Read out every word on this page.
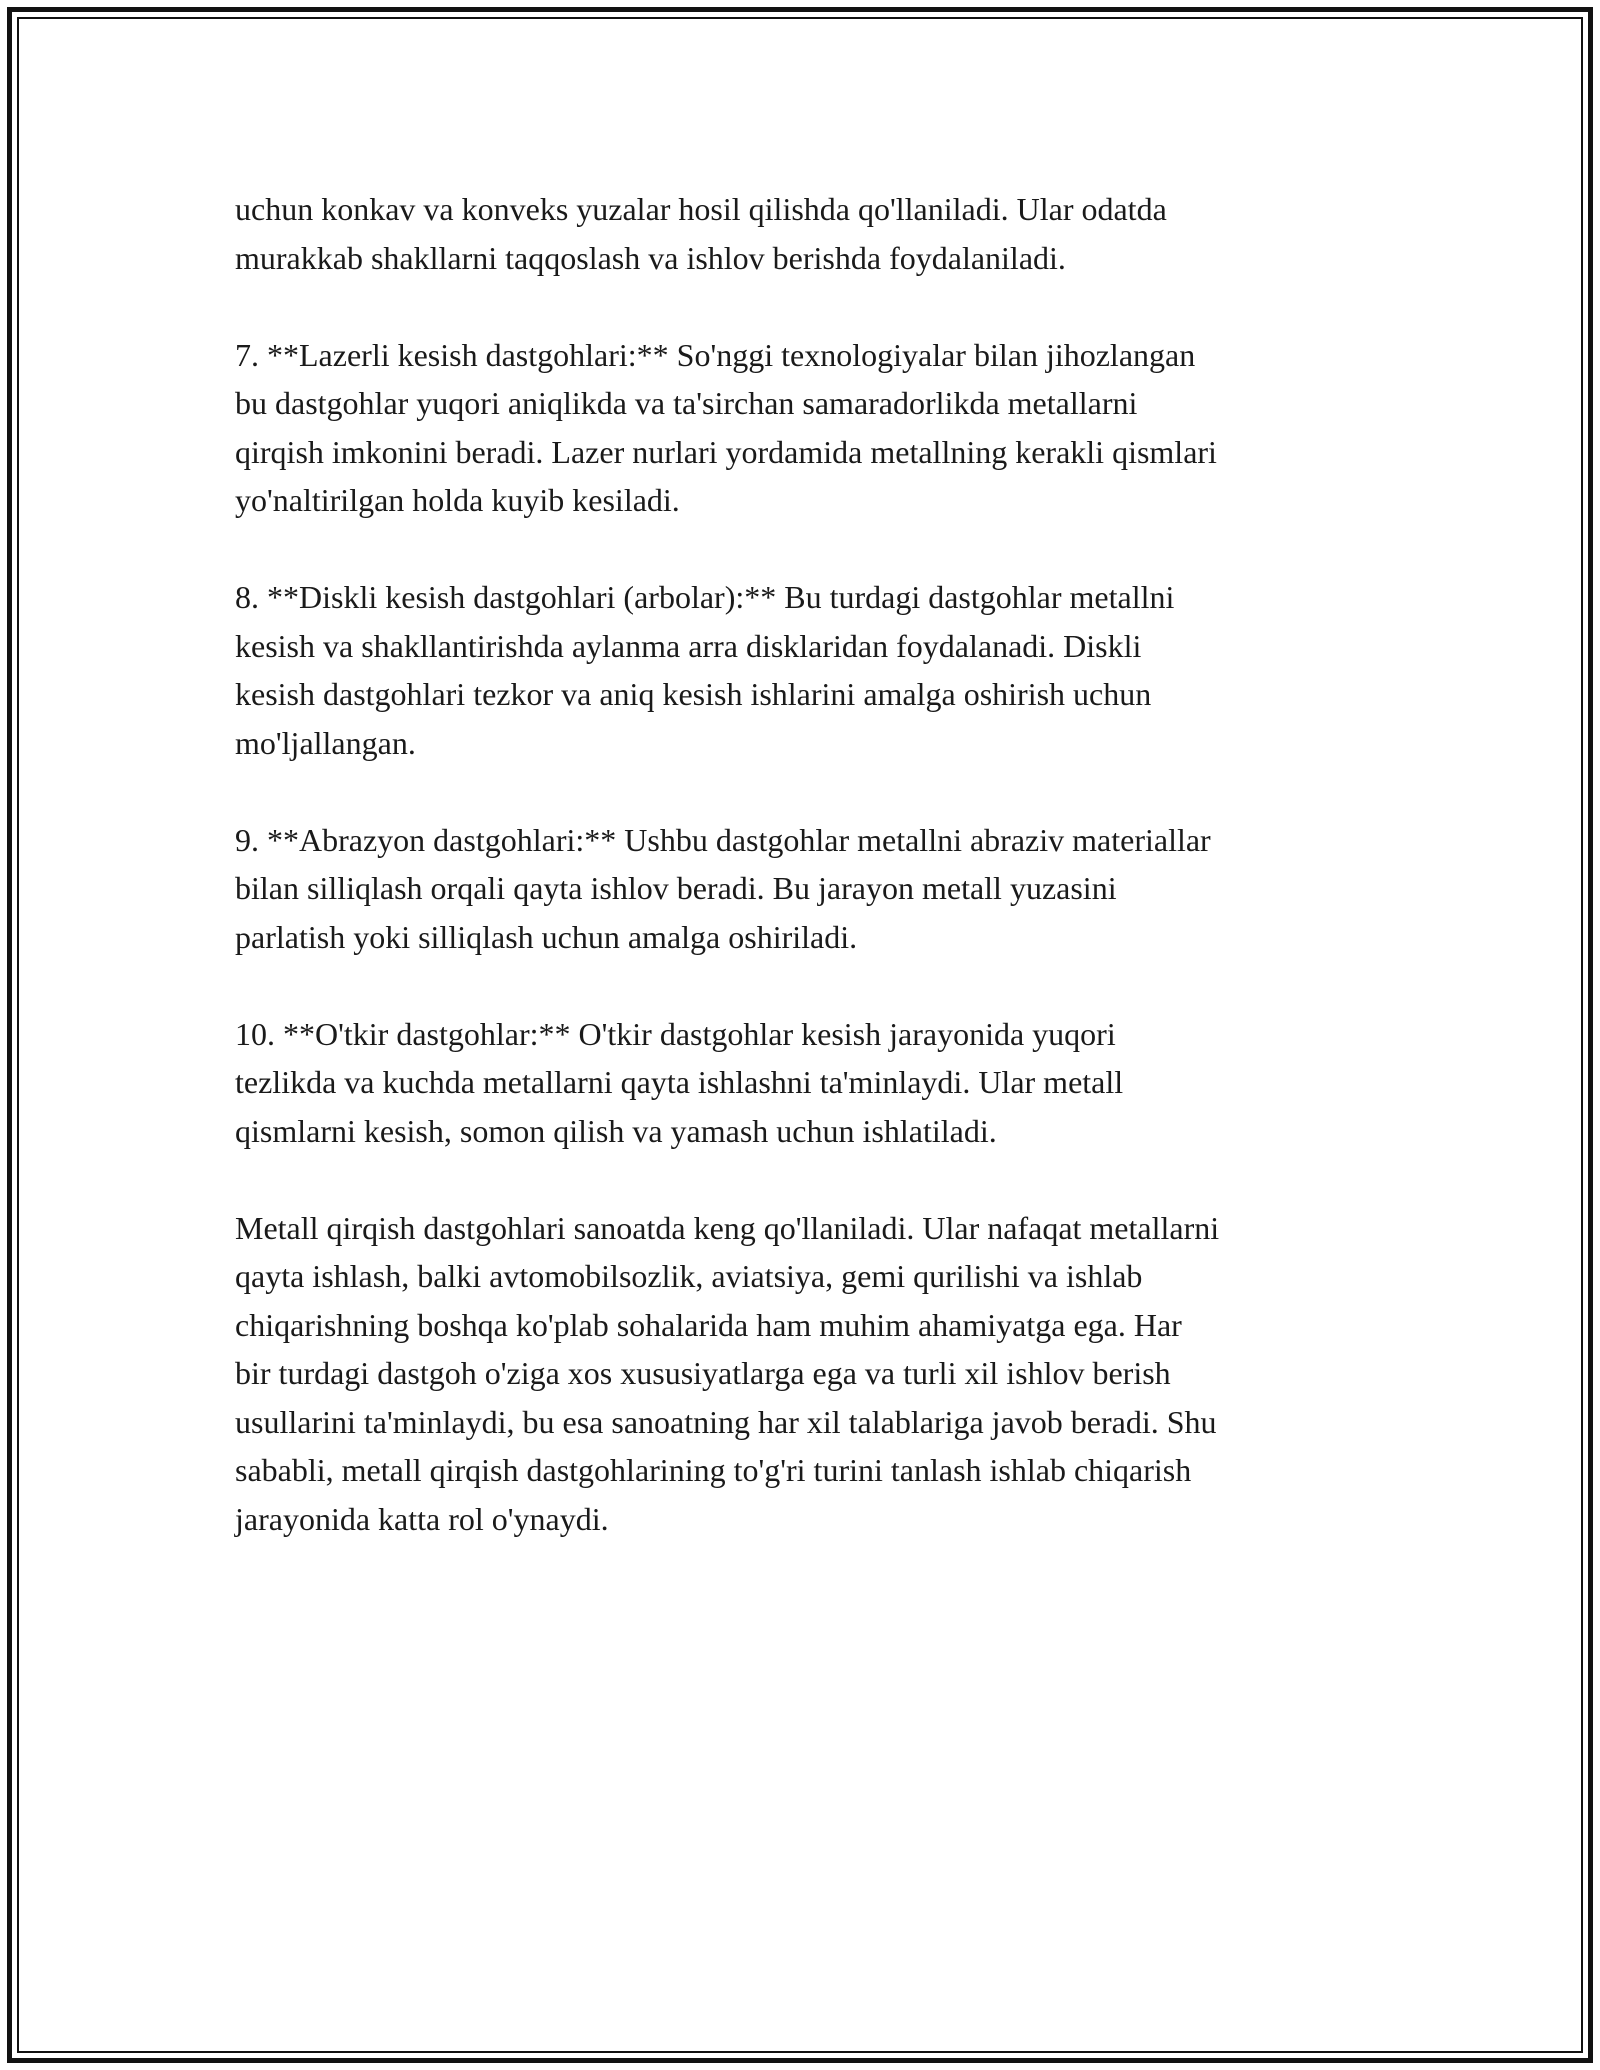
uchun konkav va konveks yuzalar hosil qilishda qo'llaniladi. Ular odatda
murakkab shakllarni taqqoslash va ishlov berishda foydalaniladi.

7. **Lazerli kesish dastgohlari:** So'nggi texnologiyalar bilan jihozlangan
bu dastgohlar yuqori aniqlikda va ta'sirchan samaradorlikda metallarni
qirqish imkonini beradi. Lazer nurlari yordamida metallning kerakli qismlari
yo'naltirilgan holda kuyib kesiladi.

8. **Diskli kesish dastgohlari (arbolar):** Bu turdagi dastgohlar metallni
kesish va shakllantirishda aylanma arra disklaridan foydalanadi. Diskli
kesish dastgohlari tezkor va aniq kesish ishlarini amalga oshirish uchun
mo'ljallangan.

9. **Abrazyon dastgohlari:** Ushbu dastgohlar metallni abraziv materiallar
bilan silliqlash orqali qayta ishlov beradi. Bu jarayon metall yuzasini
parlatish yoki silliqlash uchun amalga oshiriladi.

10. **O'tkir dastgohlar:** O'tkir dastgohlar kesish jarayonida yuqori
tezlikda va kuchda metallarni qayta ishlashni ta'minlaydi. Ular metall
qismlarni kesish, somon qilish va yamash uchun ishlatiladi.

Metall qirqish dastgohlari sanoatda keng qo'llaniladi. Ular nafaqat metallarni
qayta ishlash, balki avtomobilsozlik, aviatsiya, gemi qurilishi va ishlab
chiqarishning boshqa ko'plab sohalarida ham muhim ahamiyatga ega. Har
bir turdagi dastgoh o'ziga xos xususiyatlarga ega va turli xil ishlov berish
usullarini ta'minlaydi, bu esa sanoatning har xil talablariga javob beradi. Shu
sababli, metall qirqish dastgohlarining to'g'ri turini tanlash ishlab chiqarish
jarayonida katta rol o'ynaydi.
